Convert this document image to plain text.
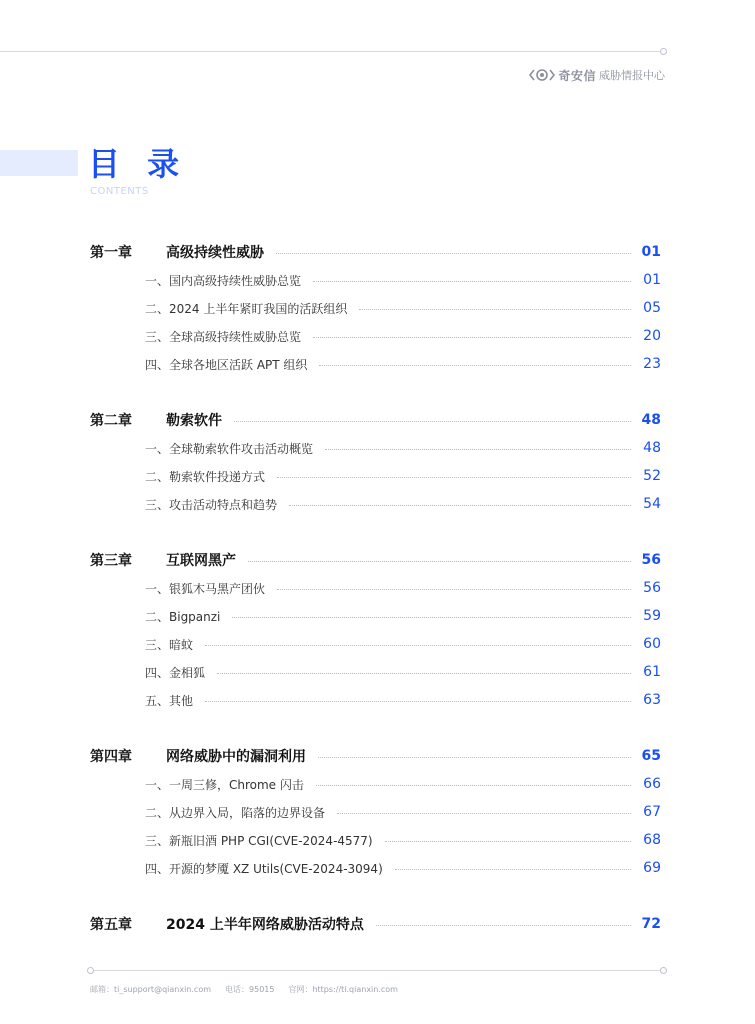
奇安信 威胁情报中心
目 录
CONTENTS
第一章	高级持续性威胁	01
一、国内高级持续性威胁总览	01
二、2024 上半年紧盯我国的活跃组织	05
三、全球高级持续性威胁总览	20
四、全球各地区活跃 APT 组织	23
第二章	勒索软件	48
一、全球勒索软件攻击活动概览	48
二、勒索软件投递方式	52
三、攻击活动特点和趋势	54
第三章	互联网黑产	56
一、银狐木马黑产团伙	56
二、Bigpanzi	59
三、暗蚊	60
四、金相狐	61
五、其他	63
第四章	网络威胁中的漏洞利用	65
一、一周三修，Chrome 闪击	66
二、从边界入局，陷落的边界设备	67
三、新瓶旧酒 PHP CGI(CVE-2024-4577)	68
四、开源的梦魇 XZ Utils(CVE-2024-3094)	69
第五章	2024 上半年网络威胁活动特点	72
邮箱：ti_support@qianxin.com 电话：95015 官网：https://ti.qianxin.com
